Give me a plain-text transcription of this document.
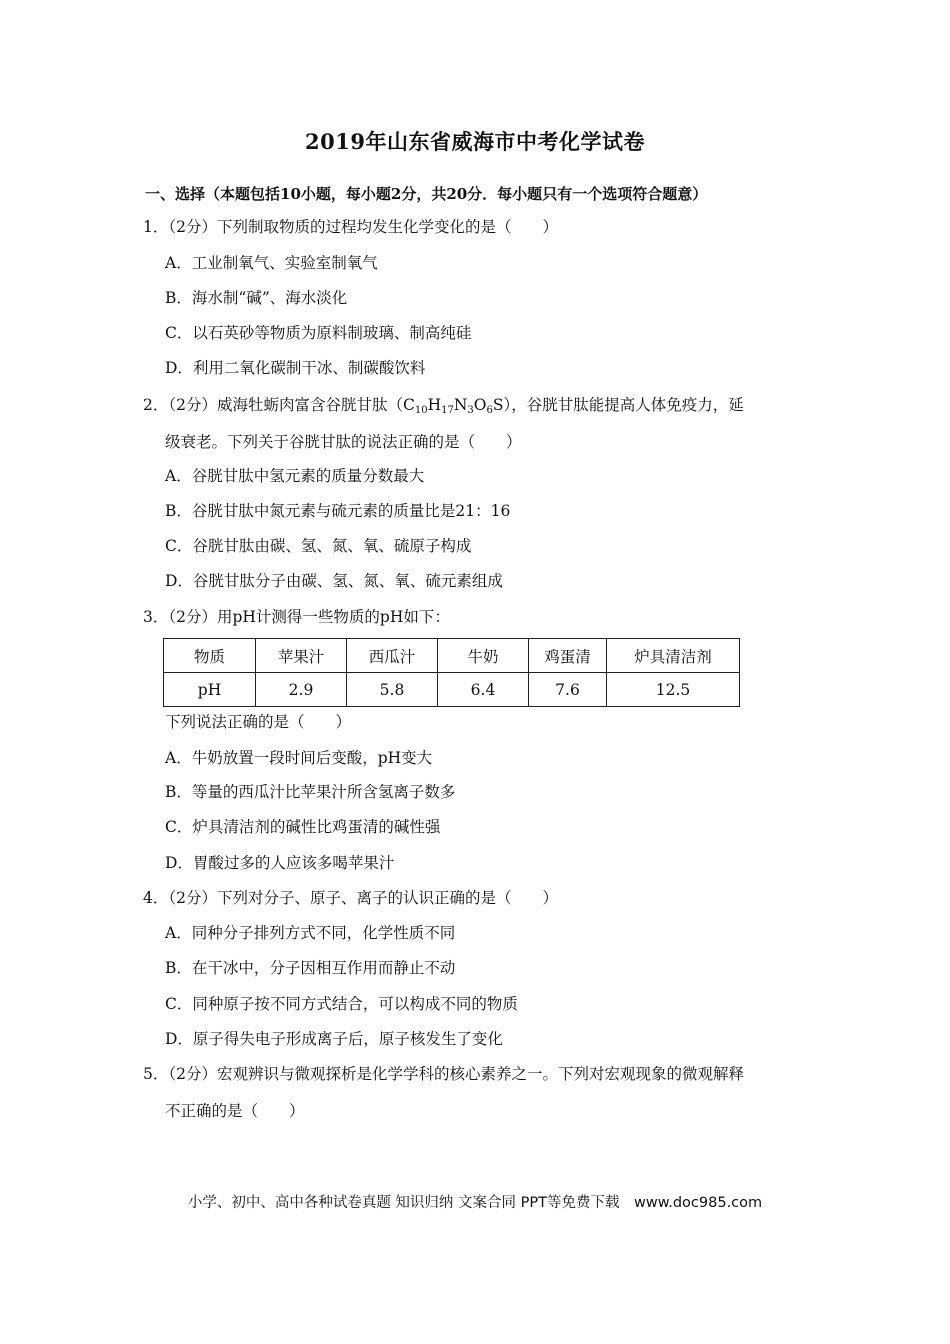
2019年山东省威海市中考化学试卷
一、选择（本题包括10小题，每小题2分，共20分．每小题只有一个选项符合题意）
1．（2分）下列制取物质的过程均发生化学变化的是（　　）
A．工业制氧气、实验室制氧气
B．海水制“碱”、海水淡化
C．以石英砂等物质为原料制玻璃、制高纯硅
D．利用二氧化碳制干冰、制碳酸饮料
2．（2分）威海牡蛎肉富含谷胱甘肽$(C_{10}H_{17}N_3O_6S)$，谷胱甘肽能提高人体免疫力，延
级衰老。下列关于谷胱甘肽的说法正确的是（　　）
A．谷胱甘肽中氢元素的质量分数最大
B．谷胱甘肽中氮元素与硫元素的质量比是21：16
C．谷胱甘肽由碳、氢、氮、氧、硫原子构成
D．谷胱甘肽分子由碳、氢、氮、氧、硫元素组成
3．（2分）用pH计测得一些物质的pH如下：
物质	苹果汁	西瓜汁	牛奶	鸡蛋清	炉具清洁剂
pH	2.9	5.8	6.4	7.6	12.5
下列说法正确的是（　　）
A．牛奶放置一段时间后变酸，pH变大
B．等量的西瓜汁比苹果汁所含氢离子数多
C．炉具清洁剂的碱性比鸡蛋清的碱性强
D．胃酸过多的人应该多喝苹果汁
4．（2分）下列对分子、原子、离子的认识正确的是（　　）
A．同种分子排列方式不同，化学性质不同
B．在干冰中，分子因相互作用而静止不动
C．同种原子按不同方式结合，可以构成不同的物质
D．原子得失电子形成离子后，原子核发生了变化
5．（2分）宏观辨识与微观探析是化学学科的核心素养之一。下列对宏观现象的微观解释
不正确的是（　　）
小学、初中、高中各种试卷真题 知识归纳 文案合同 PPT等免费下载　www.doc985.com
